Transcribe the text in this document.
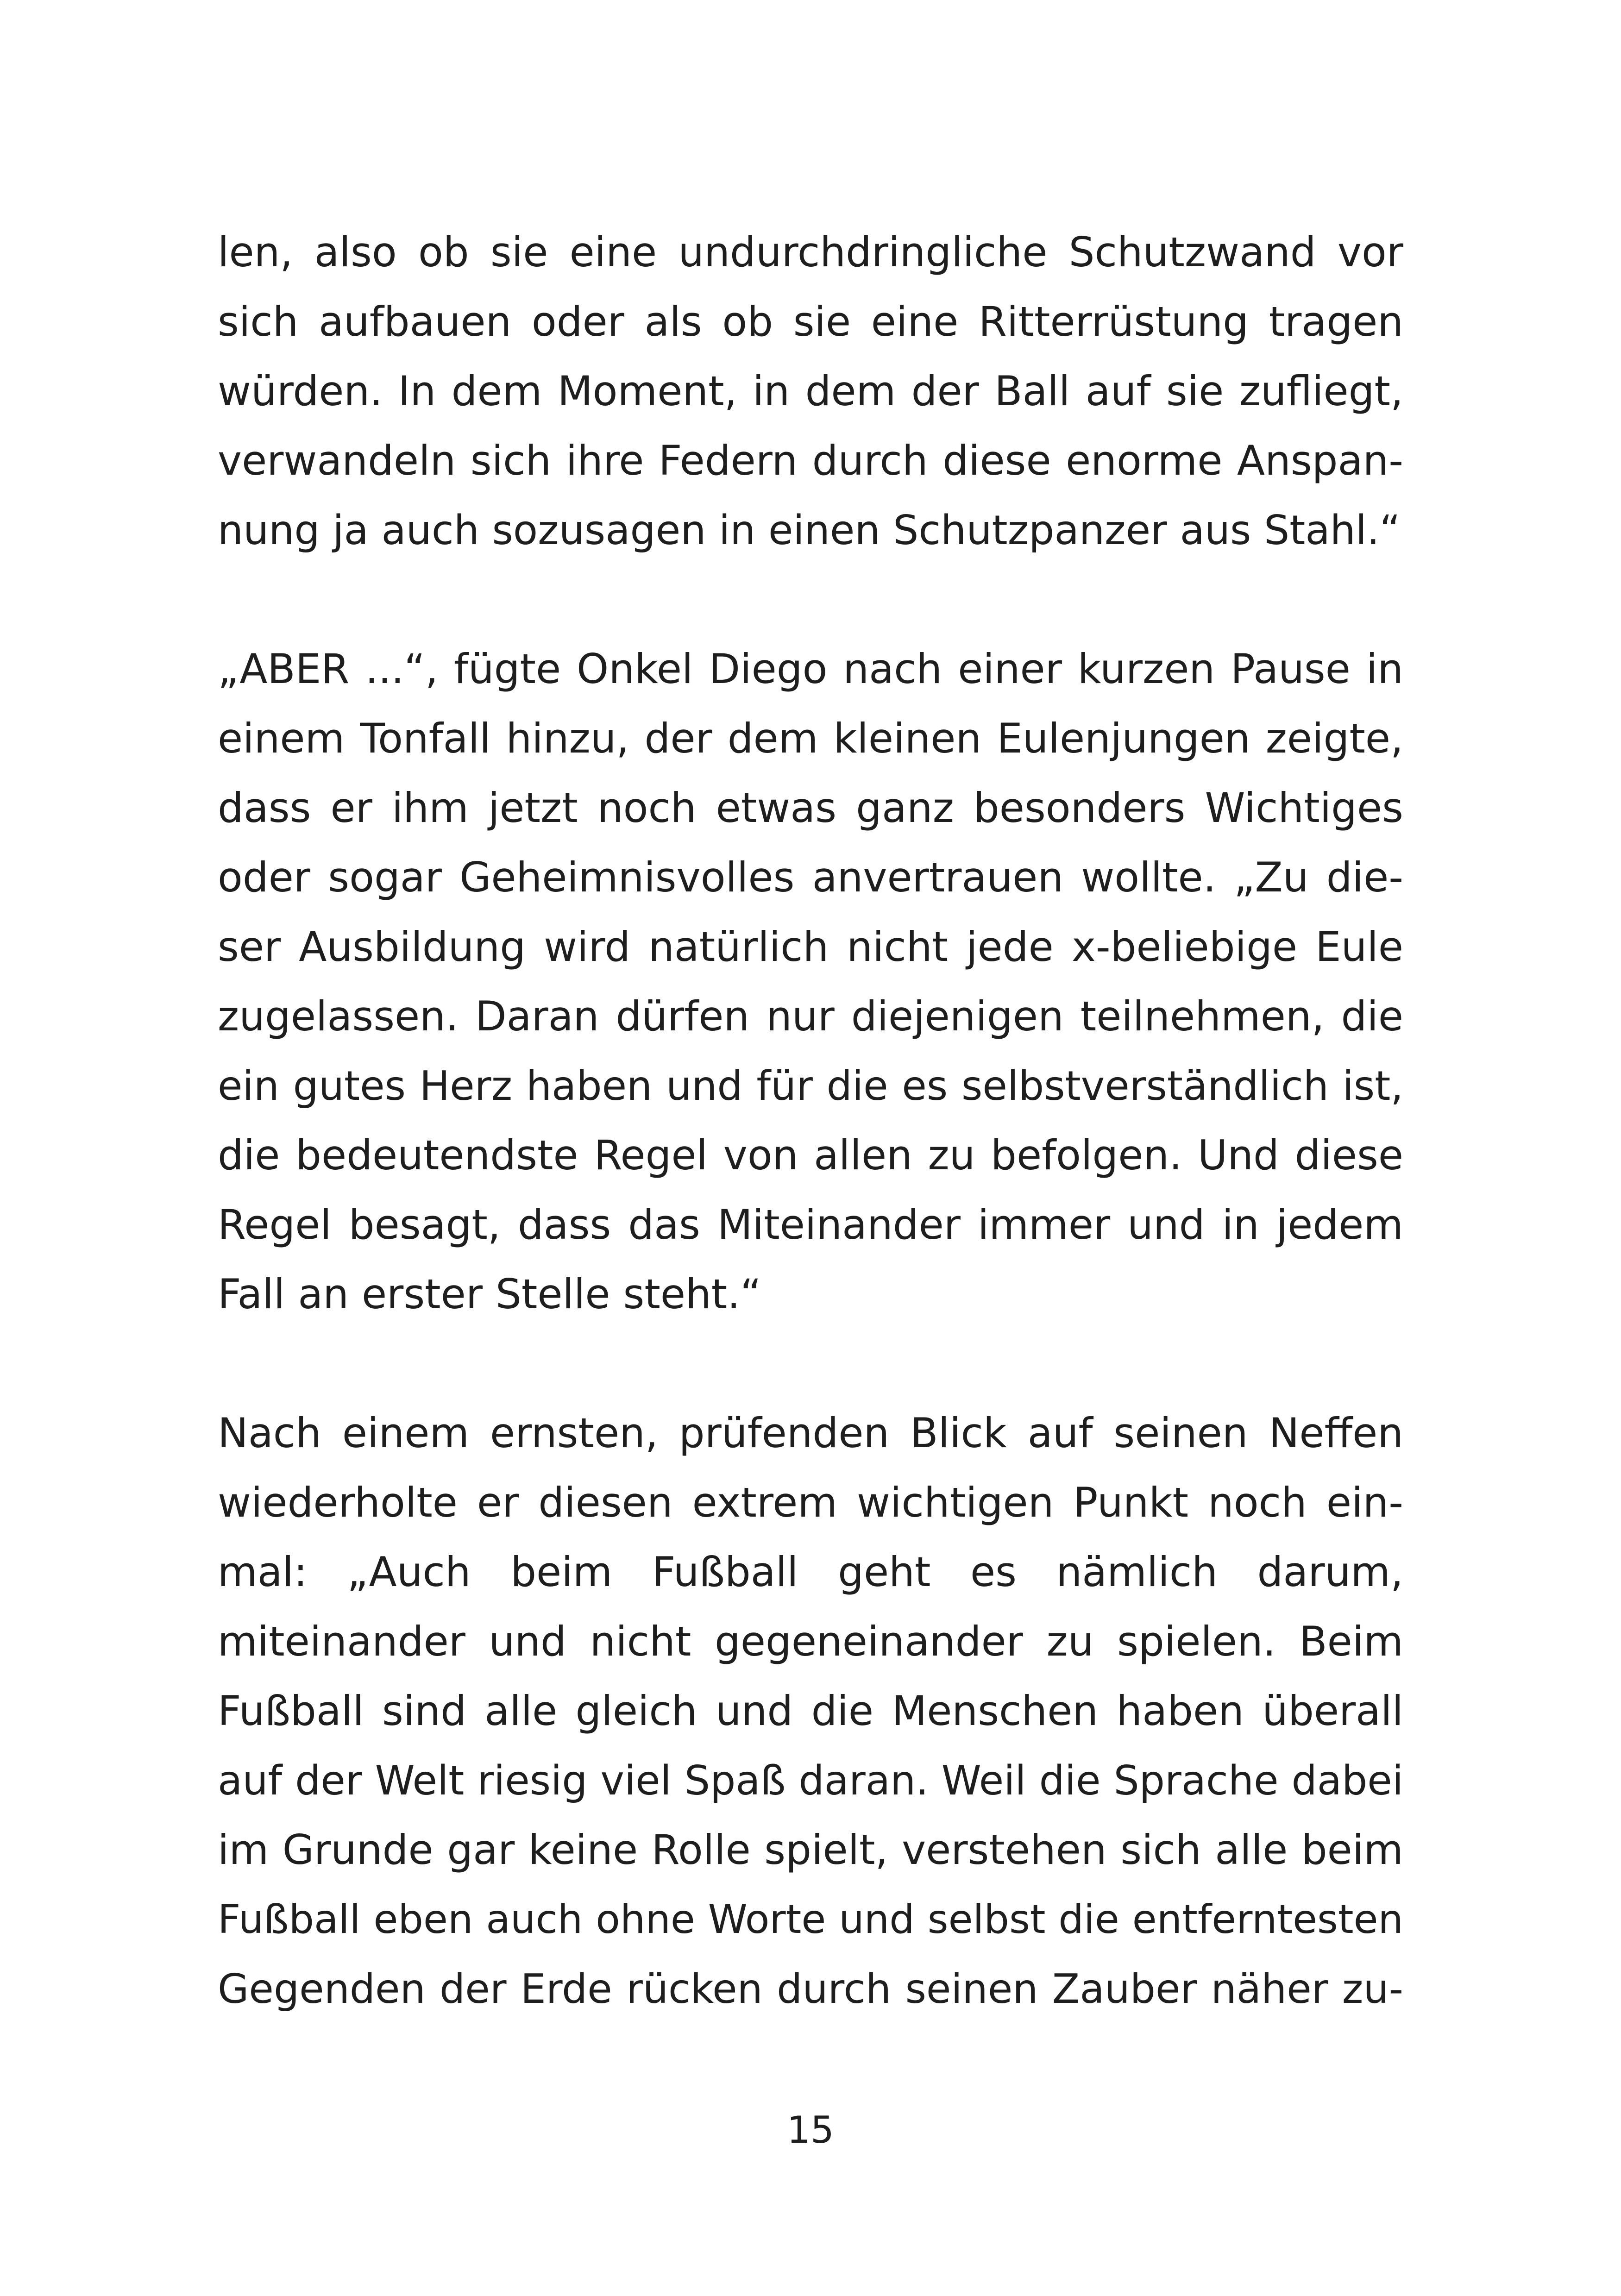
len, also ob sie eine undurchdringliche Schutzwand vor
sich aufbauen oder als ob sie eine Ritterrüstung tragen
würden. In dem Moment, in dem der Ball auf sie zufliegt,
verwandeln sich ihre Federn durch diese enorme Anspan-
nung ja auch sozusagen in einen Schutzpanzer aus Stahl.“
„ABER ...“, fügte Onkel Diego nach einer kurzen Pause in
einem Tonfall hinzu, der dem kleinen Eulenjungen zeigte,
dass er ihm jetzt noch etwas ganz besonders Wichtiges
oder sogar Geheimnisvolles anvertrauen wollte. „Zu die-
ser Ausbildung wird natürlich nicht jede x-beliebige Eule
zugelassen. Daran dürfen nur diejenigen teilnehmen, die
ein gutes Herz haben und für die es selbstverständlich ist,
die bedeutendste Regel von allen zu befolgen. Und diese
Regel besagt, dass das Miteinander immer und in jedem
Fall an erster Stelle steht.“
Nach einem ernsten, prüfenden Blick auf seinen Neffen
wiederholte er diesen extrem wichtigen Punkt noch ein-
mal: „Auch beim Fußball geht es nämlich darum,
miteinander und nicht gegeneinander zu spielen. Beim
Fußball sind alle gleich und die Menschen haben überall
auf der Welt riesig viel Spaß daran. Weil die Sprache dabei
im Grunde gar keine Rolle spielt, verstehen sich alle beim
Fußball eben auch ohne Worte und selbst die entferntesten
Gegenden der Erde rücken durch seinen Zauber näher zu-
15
